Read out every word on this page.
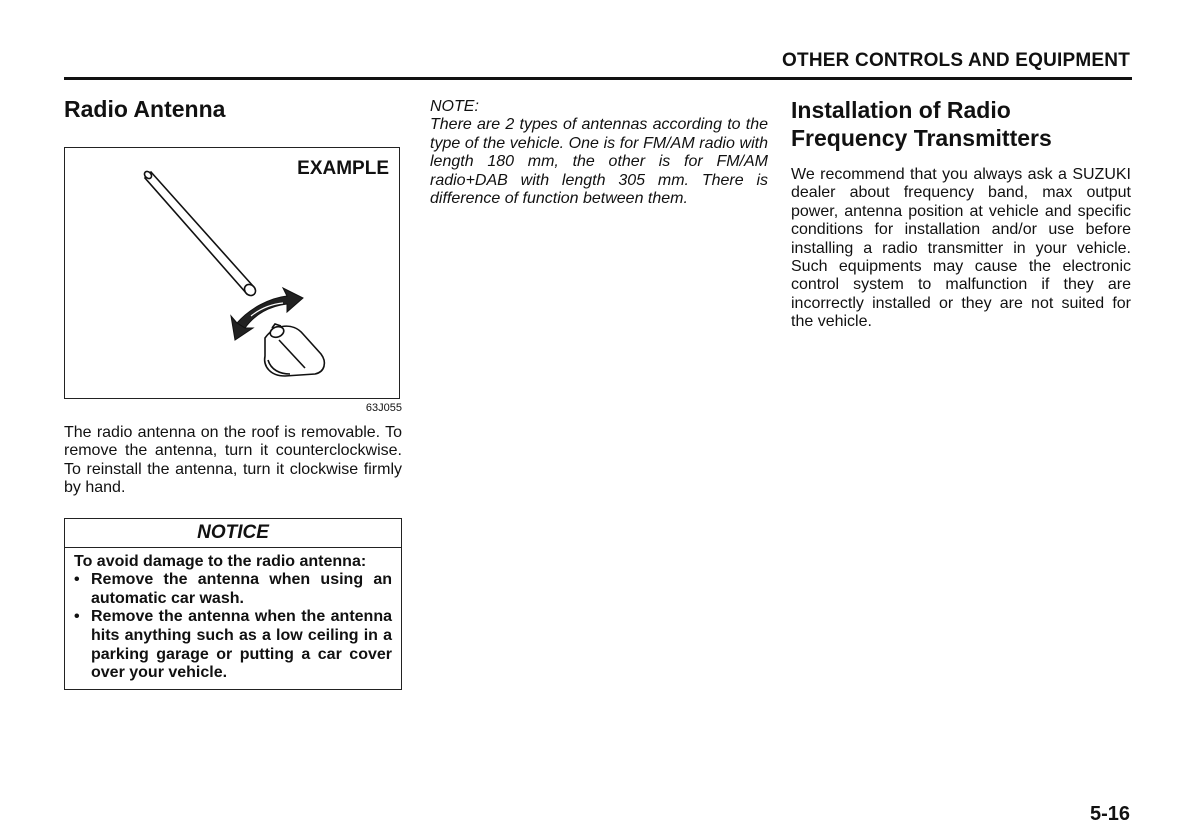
OTHER CONTROLS AND EQUIPMENT
Radio Antenna
EXAMPLE
63J055
The radio antenna on the roof is removable. To remove the antenna, turn it counterclockwise. To reinstall the antenna, turn it clockwise firmly by hand.
NOTICE
To avoid damage to the radio antenna:
• Remove the antenna when using an automatic car wash.
• Remove the antenna when the antenna hits anything such as a low ceiling in a parking garage or putting a car cover over your vehicle.
NOTE:
There are 2 types of antennas according to the type of the vehicle. One is for FM/AM radio with length 180 mm, the other is for FM/AM radio+DAB with length 305 mm. There is difference of function between them.
Installation of Radio Frequency Transmitters
We recommend that you always ask a SUZUKI dealer about frequency band, max output power, antenna position at vehicle and specific conditions for installation and/or use before installing a radio transmitter in your vehicle. Such equipments may cause the electronic control system to malfunction if they are incorrectly installed or they are not suited for the vehicle.
5-16
